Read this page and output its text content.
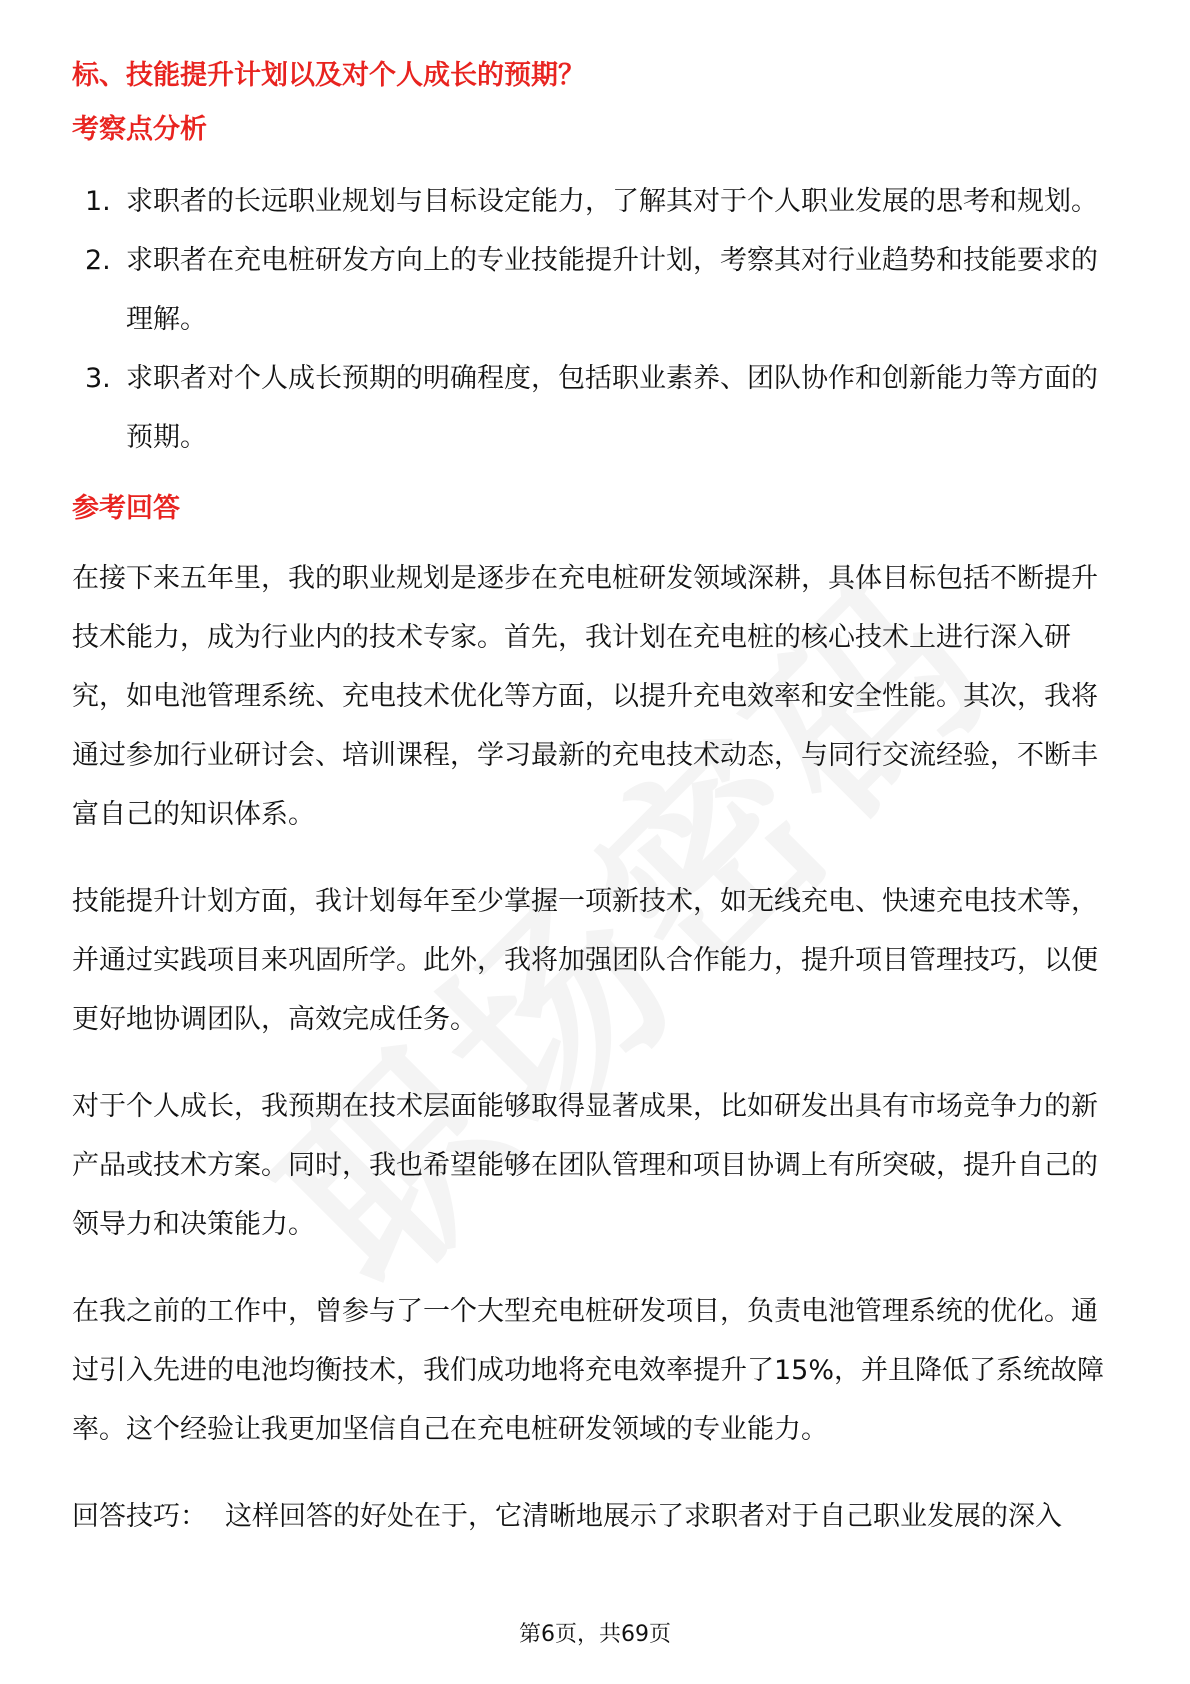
标、技能提升计划以及对个人成长的预期？
考察点分析
1. 求职者的长远职业规划与目标设定能力，了解其对于个人职业发展的思考和规划。
2. 求职者在充电桩研发方向上的专业技能提升计划，考察其对行业趋势和技能要求的理解。
3. 求职者对个人成长预期的明确程度，包括职业素养、团队协作和创新能力等方面的预期。
参考回答

在接下来五年里，我的职业规划是逐步在充电桩研发领域深耕，具体目标包括不断提升技术能力，成为行业内的技术专家。首先，我计划在充电桩的核心技术上进行深入研究，如电池管理系统、充电技术优化等方面，以提升充电效率和安全性能。其次，我将通过参加行业研讨会、培训课程，学习最新的充电技术动态，与同行交流经验，不断丰富自己的知识体系。

技能提升计划方面，我计划每年至少掌握一项新技术，如无线充电、快速充电技术等，并通过实践项目来巩固所学。此外，我将加强团队合作能力，提升项目管理技巧，以便更好地协调团队，高效完成任务。

对于个人成长，我预期在技术层面能够取得显著成果，比如研发出具有市场竞争力的新产品或技术方案。同时，我也希望能够在团队管理和项目协调上有所突破，提升自己的领导力和决策能力。

在我之前的工作中，曾参与了一个大型充电桩研发项目，负责电池管理系统的优化。通过引入先进的电池均衡技术，我们成功地将充电效率提升了15%，并且降低了系统故障率。这个经验让我更加坚信自己在充电桩研发领域的专业能力。

回答技巧： 这样回答的好处在于，它清晰地展示了求职者对于自己职业发展的深入

第6页，共69页
